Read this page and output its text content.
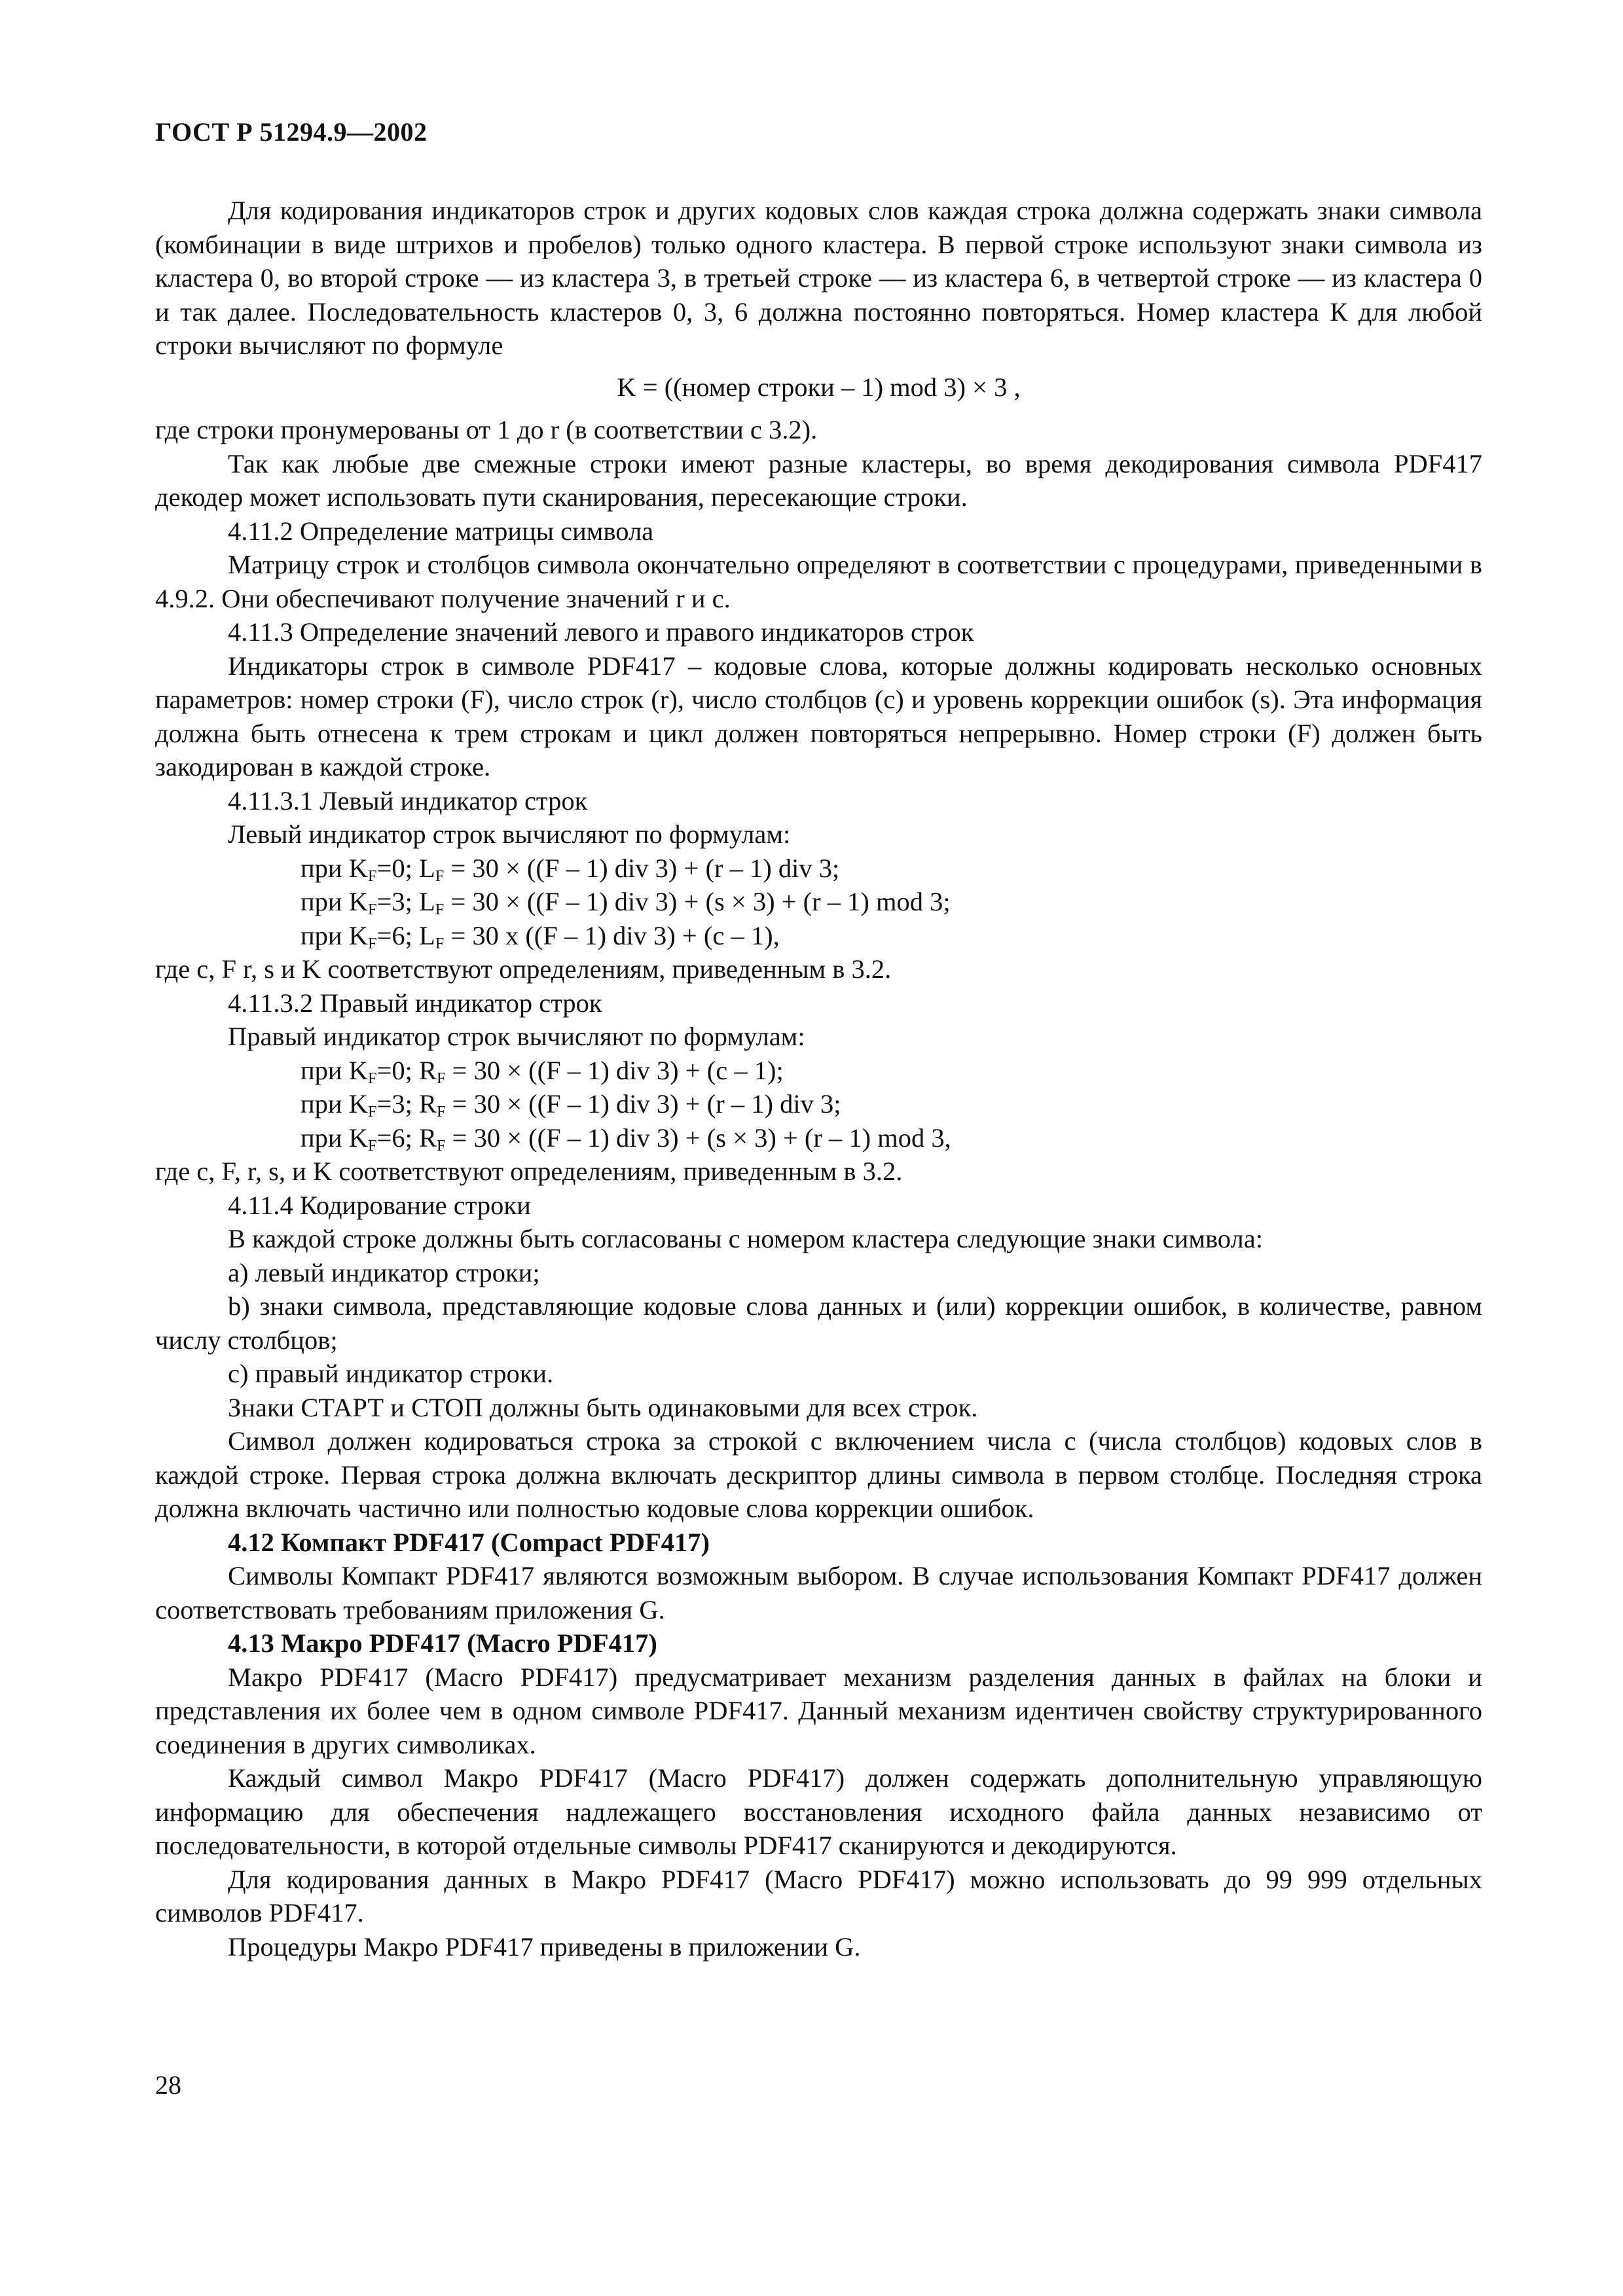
ГОСТ Р 51294.9—2002

Для кодирования индикаторов строк и других кодовых слов каждая строка должна содержать знаки символа (комбинации в виде штрихов и пробелов) только одного кластера. В первой строке используют знаки символа из кластера 0, во второй строке — из кластера 3, в третьей строке — из кластера 6, в четвертой строке — из кластера 0 и так далее. Последовательность кластеров 0, 3, 6 должна постоянно повторяться. Номер кластера К для любой строки вычисляют по формуле

K = ((номер строки – 1) mod 3) × 3 ,

где строки пронумерованы от 1 до r (в соответствии с 3.2).

Так как любые две смежные строки имеют разные кластеры, во время декодирования символа PDF417 декодер может использовать пути сканирования, пересекающие строки.

4.11.2 Определение матрицы символа

Матрицу строк и столбцов символа окончательно определяют в соответствии с процедурами, приведенными в 4.9.2. Они обеспечивают получение значений r и c.

4.11.3 Определение значений левого и правого индикаторов строк

Индикаторы строк в символе PDF417 – кодовые слова, которые должны кодировать несколько основных параметров: номер строки (F), число строк (r), число столбцов (c) и уровень коррекции ошибок (s). Эта информация должна быть отнесена к трем строкам и цикл должен повторяться непрерывно. Номер строки (F) должен быть закодирован в каждой строке.

4.11.3.1 Левый индикатор строк

Левый индикатор строк вычисляют по формулам:

при $K_F=0$; $L_F = 30 \times ((F - 1)$ div 3) + (r – 1) div 3;

при $K_F=3$; $L_F = 30 \times ((F - 1)$ div 3) + (s × 3) + (r – 1) mod 3;

при $K_F=6$; $L_F = 30$ x ((F – 1) div 3) + (c – 1),

где c, F r, s и K соответствуют определениям, приведенным в 3.2.

4.11.3.2 Правый индикатор строк

Правый индикатор строк вычисляют по формулам:

при $K_F=0$; $R_F = 30 \times ((F - 1)$ div 3) + (c – 1);

при $K_F=3$; $R_F = 30 \times ((F - 1)$ div 3) + (r – 1) div 3;

при $K_F=6$; $R_F = 30 \times ((F - 1)$ div 3) + (s × 3) + (r – 1) mod 3,

где c, F, r, s, и K соответствуют определениям, приведенным в 3.2.

4.11.4 Кодирование строки

В каждой строке должны быть согласованы с номером кластера следующие знаки символа:

a) левый индикатор строки;

b) знаки символа, представляющие кодовые слова данных и (или) коррекции ошибок, в количестве, равном числу столбцов;

c) правый индикатор строки.

Знаки СТАРТ и СТОП должны быть одинаковыми для всех строк.

Символ должен кодироваться строка за строкой с включением числа с (числа столбцов) кодовых слов в каждой строке. Первая строка должна включать дескриптор длины символа в первом столбце. Последняя строка должна включать частично или полностью кодовые слова коррекции ошибок.

4.12 Компакт PDF417 (Compact PDF417)

Символы Компакт PDF417 являются возможным выбором. В случае использования Компакт PDF417 должен соответствовать требованиям приложения G.

4.13 Макро PDF417 (Macro PDF417)

Макро PDF417 (Macro PDF417) предусматривает механизм разделения данных в файлах на блоки и представления их более чем в одном символе PDF417. Данный механизм идентичен свойству структурированного соединения в других символиках.

Каждый символ Макро PDF417 (Macro PDF417) должен содержать дополнительную управляющую информацию для обеспечения надлежащего восстановления исходного файла данных независимо от последовательности, в которой отдельные символы PDF417 сканируются и декодируются.

Для кодирования данных в Макро PDF417 (Macro PDF417) можно использовать до 99 999 отдельных символов PDF417.

Процедуры Макро PDF417 приведены в приложении G.

28
